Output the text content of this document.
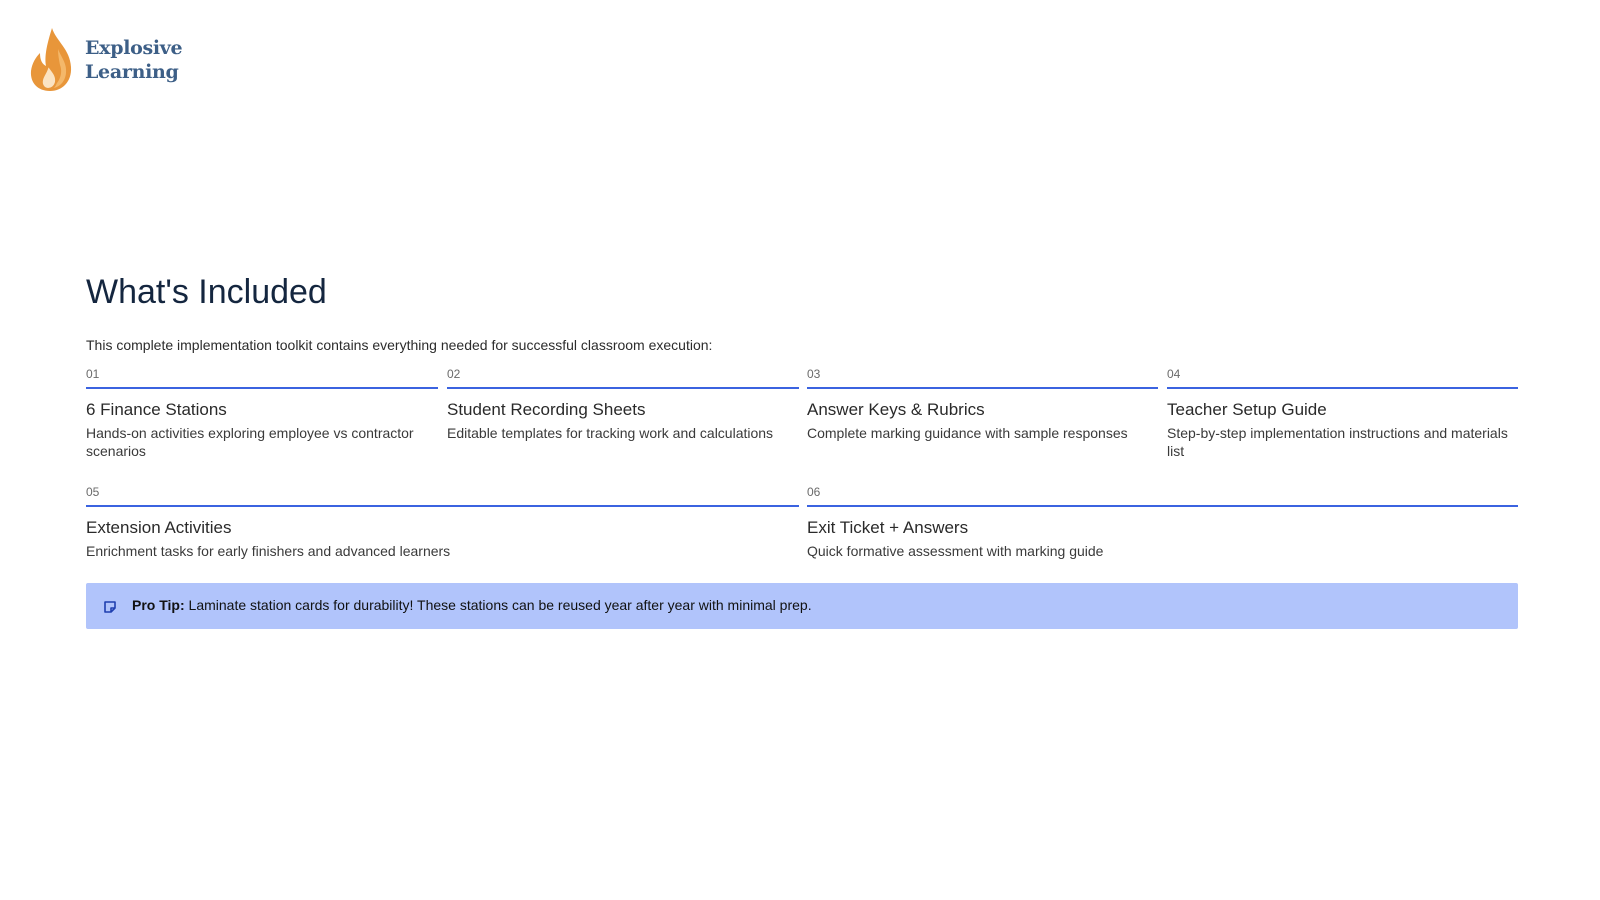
Explosive
Learning
What's Included

This complete implementation toolkit contains everything needed for successful classroom execution:

01
6 Finance Stations
Hands-on activities exploring employee vs contractor scenarios
02
Student Recording Sheets
Editable templates for tracking work and calculations
03
Answer Keys & Rubrics
Complete marking guidance with sample responses
04
Teacher Setup Guide
Step-by-step implementation instructions and materials list
05
Extension Activities
Enrichment tasks for early finishers and advanced learners
06
Exit Ticket + Answers
Quick formative assessment with marking guide
Pro Tip: Laminate station cards for durability! These stations can be reused year after year with minimal prep.
